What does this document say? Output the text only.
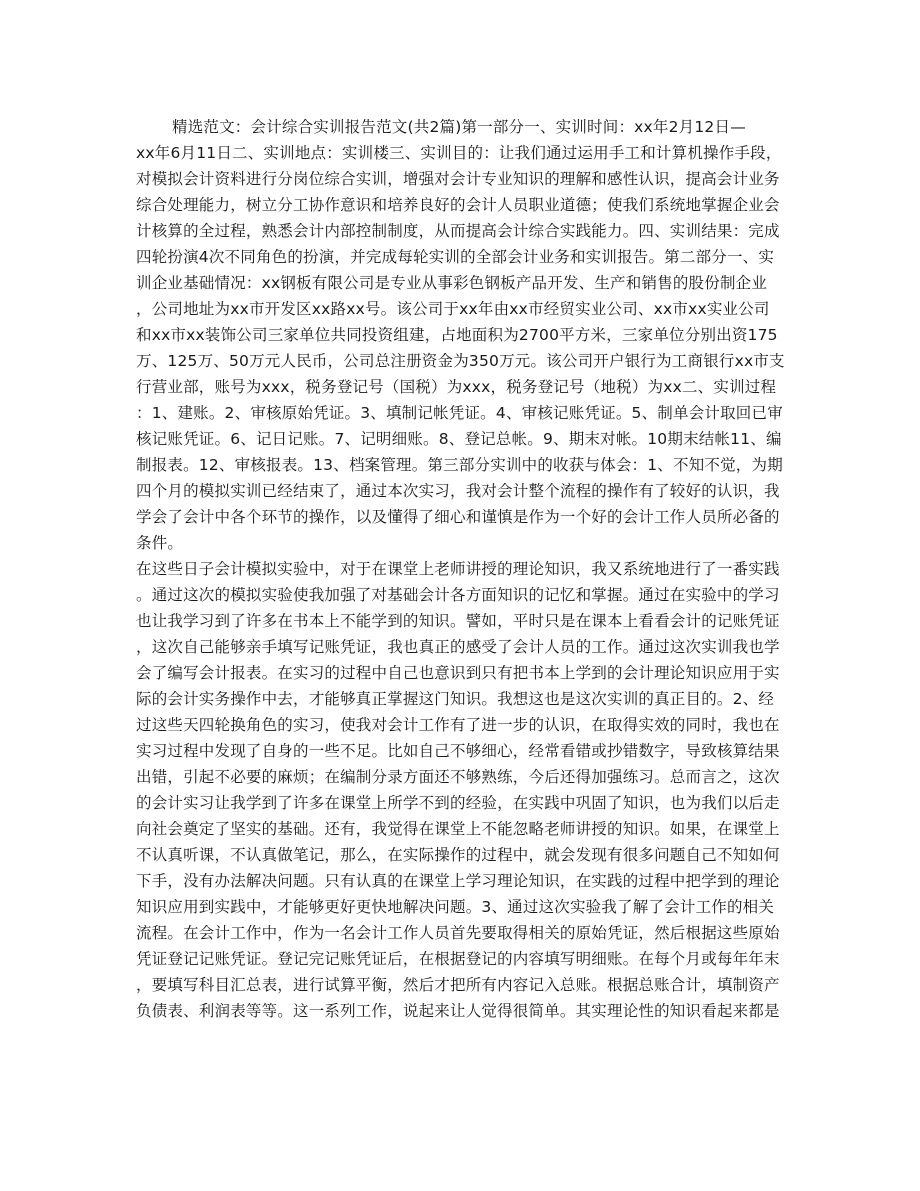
精选范文：会计综合实训报告范文(共2篇)第一部分一、实训时间：xx年2月12日—

xx年6月11日二、实训地点：实训楼三、实训目的：让我们通过运用手工和计算机操作手段，

对模拟会计资料进行分岗位综合实训，增强对会计专业知识的理解和感性认识，提高会计业务

综合处理能力，树立分工协作意识和培养良好的会计人员职业道德；使我们系统地掌握企业会

计核算的全过程，熟悉会计内部控制制度，从而提高会计综合实践能力。四、实训结果：完成

四轮扮演4次不同角色的扮演，并完成每轮实训的全部会计业务和实训报告。第二部分一、实

训企业基础情况：xx钢板有限公司是专业从事彩色钢板产品开发、生产和销售的股份制企业

，公司地址为xx市开发区xx路xx号。该公司于xx年由xx市经贸实业公司、xx市xx实业公司

和xx市xx装饰公司三家单位共同投资组建，占地面积为2700平方米，三家单位分别出资175

万、125万、50万元人民币，公司总注册资金为350万元。该公司开户银行为工商银行xx市支

行营业部，账号为xxx，税务登记号（国税）为xxx，税务登记号（地税）为xx二、实训过程

：1、建账。2、审核原始凭证。3、填制记帐凭证。4、审核记账凭证。5、制单会计取回已审

核记账凭证。6、记日记账。7、记明细账。8、登记总帐。9、期末对帐。10期末结帐11、编

制报表。12、审核报表。13、档案管理。第三部分实训中的收获与体会：1、不知不觉，为期

四个月的模拟实训已经结束了，通过本次实习，我对会计整个流程的操作有了较好的认识，我

学会了会计中各个环节的操作，以及懂得了细心和谨慎是作为一个好的会计工作人员所必备的

条件。

在这些日子会计模拟实验中，对于在课堂上老师讲授的理论知识，我又系统地进行了一番实践

。通过这次的模拟实验使我加强了对基础会计各方面知识的记忆和掌握。通过在实验中的学习

也让我学习到了许多在书本上不能学到的知识。譬如，平时只是在课本上看看会计的记账凭证

，这次自己能够亲手填写记账凭证，我也真正的感受了会计人员的工作。通过这次实训我也学

会了编写会计报表。在实习的过程中自己也意识到只有把书本上学到的会计理论知识应用于实

际的会计实务操作中去，才能够真正掌握这门知识。我想这也是这次实训的真正目的。2、经

过这些天四轮换角色的实习，使我对会计工作有了进一步的认识，在取得实效的同时，我也在

实习过程中发现了自身的一些不足。比如自己不够细心，经常看错或抄错数字，导致核算结果

出错，引起不必要的麻烦；在编制分录方面还不够熟练，今后还得加强练习。总而言之，这次

的会计实习让我学到了许多在课堂上所学不到的经验，在实践中巩固了知识，也为我们以后走

向社会奠定了坚实的基础。还有，我觉得在课堂上不能忽略老师讲授的知识。如果，在课堂上

不认真听课，不认真做笔记，那么，在实际操作的过程中，就会发现有很多问题自己不知如何

下手，没有办法解决问题。只有认真的在课堂上学习理论知识，在实践的过程中把学到的理论

知识应用到实践中，才能够更好更快地解决问题。3、通过这次实验我了解了会计工作的相关

流程。在会计工作中，作为一名会计工作人员首先要取得相关的原始凭证，然后根据这些原始

凭证登记记账凭证。登记完记账凭证后，在根据登记的内容填写明细账。在每个月或每年年末

，要填写科目汇总表，进行试算平衡，然后才把所有内容记入总账。根据总账合计，填制资产

负债表、利润表等等。这一系列工作，说起来让人觉得很简单。其实理论性的知识看起来都是
